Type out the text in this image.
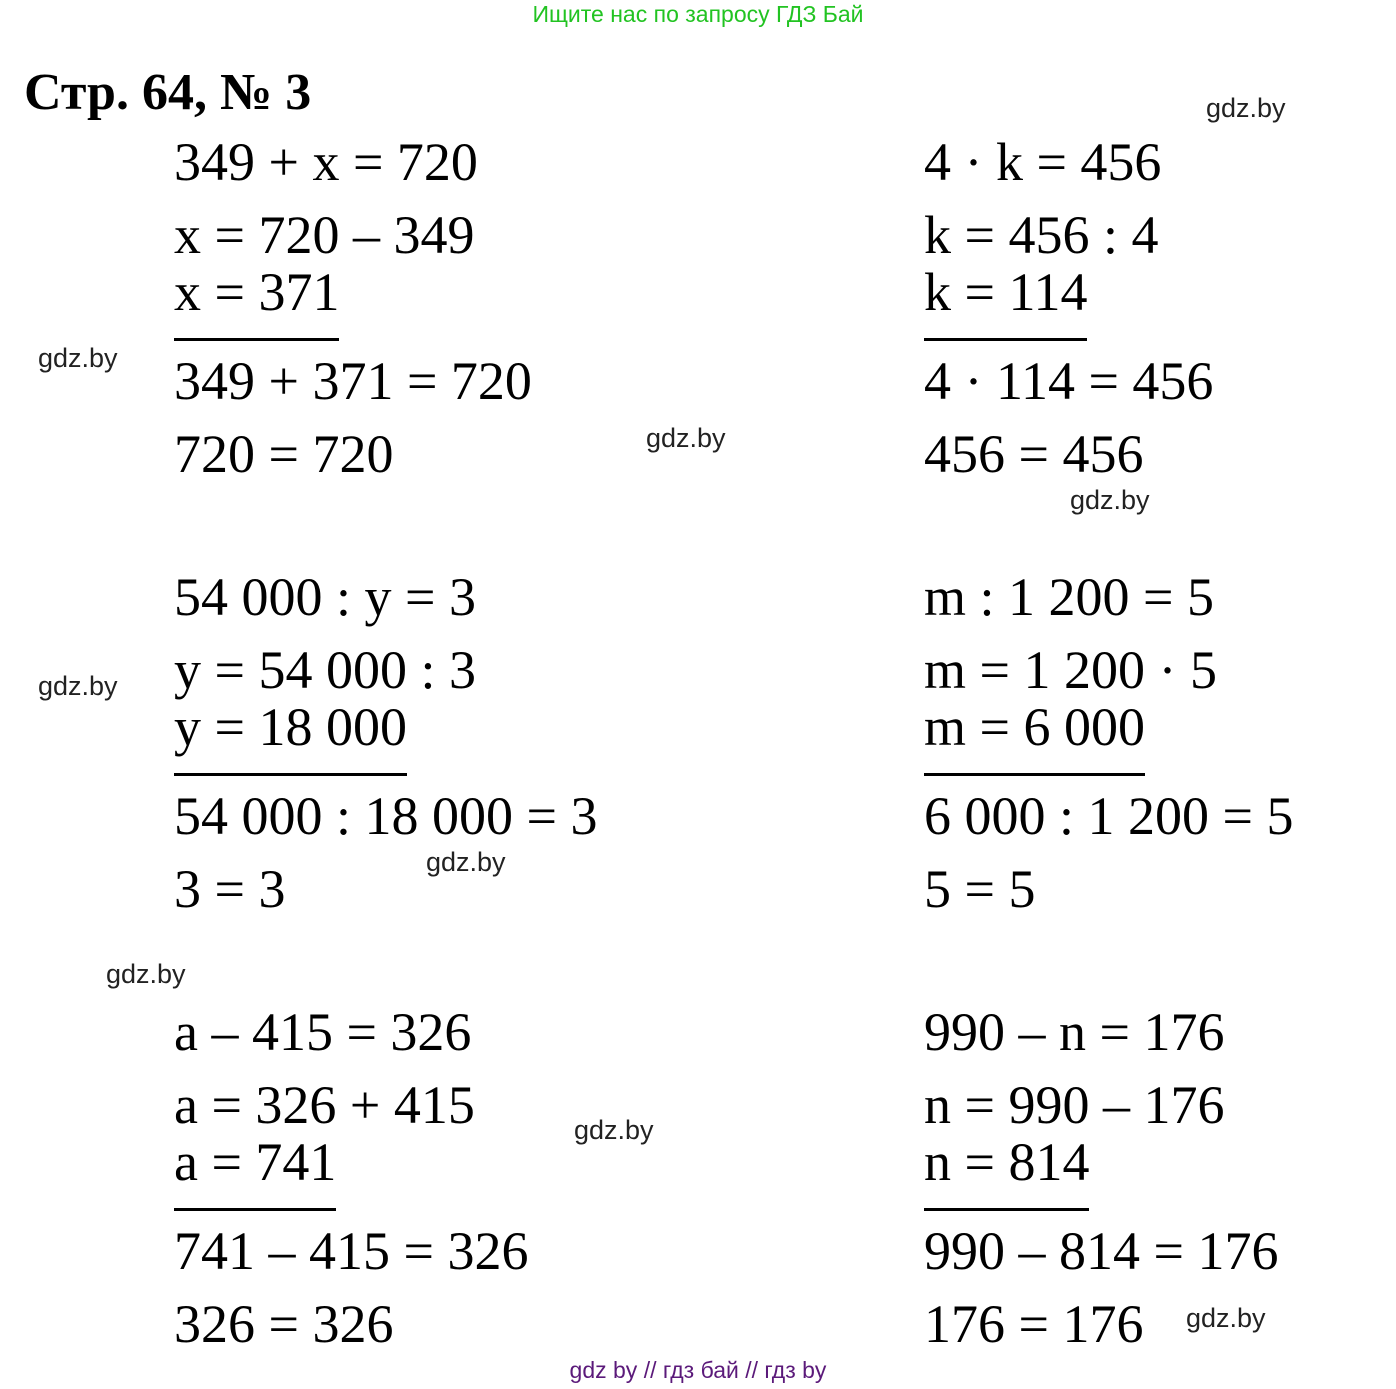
Ищите нас по запросу ГДЗ Бай
Стр. 64, № 3
349 + x = 720
x = 720 – 349
x = 371
349 + 371 = 720
720 = 720
4 · k = 456
k = 456 : 4
k = 114
4 · 114 = 456
456 = 456
54 000 : y = 3
y = 54 000 : 3
y = 18 000
54 000 : 18 000 = 3
3 = 3
m : 1 200 = 5
m = 1 200 · 5
m = 6 000
6 000 : 1 200 = 5
5 = 5
a – 415 = 326
a = 326 + 415
a = 741
741 – 415 = 326
326 = 326
990 – n = 176
n = 990 – 176
n = 814
990 – 814 = 176
176 = 176
gdz.by
gdz.by
gdz.by
gdz.by
gdz.by
gdz.by
gdz.by
gdz.by
gdz.by
gdz by // гдз бай // гдз by
